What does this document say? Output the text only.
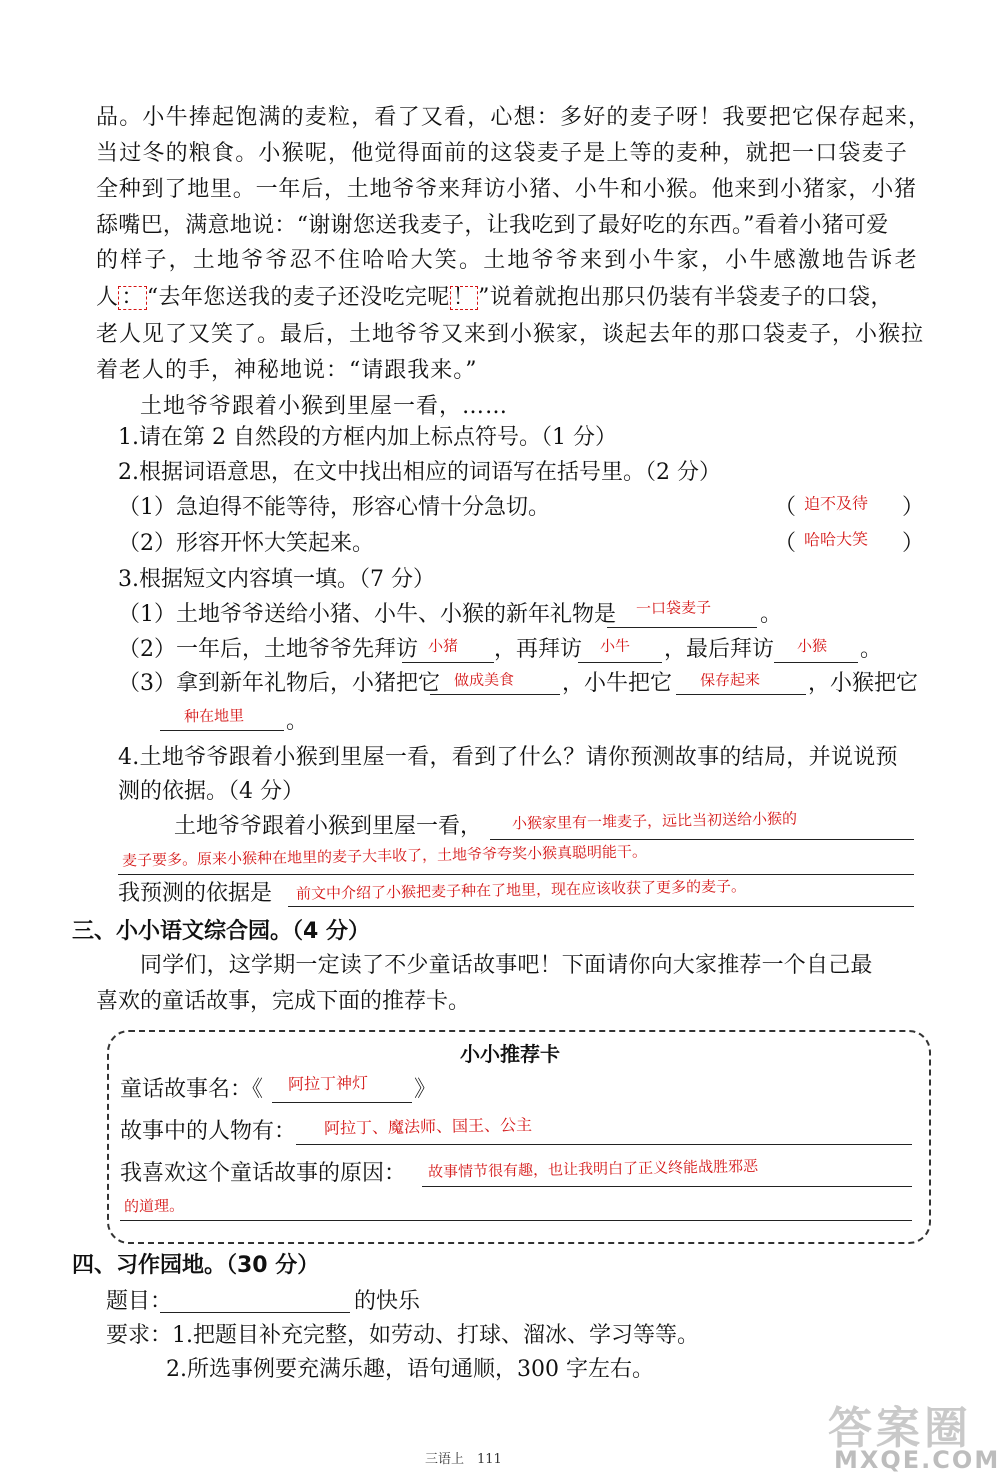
品。小牛捧起饱满的麦粒，看了又看，心想：多好的麦子呀！我要把它保存起来，
当过冬的粮食。小猴呢，他觉得面前的这袋麦子是上等的麦种，就把一口袋麦子
全种到了地里。一年后，土地爷爷来拜访小猪、小牛和小猴。他来到小猪家，小猪
舔嘴巴，满意地说：“谢谢您送我麦子，让我吃到了最好吃的东西。”看着小猪可爱
的样子，土地爷爷忍不住哈哈大笑。土地爷爷来到小牛家，小牛感激地告诉老
人 ： “去年您送我的麦子还没吃完呢 ！ ”说着就抱出那只仍装有半袋麦子的口袋，
老人见了又笑了。最后，土地爷爷又来到小猴家，谈起去年的那口袋麦子，小猴拉
着老人的手，神秘地说：“请跟我来。”
土地爷爷跟着小猴到里屋一看，……
1.请在第 2 自然段的方框内加上标点符号。（1 分）
2.根据词语意思，在文中找出相应的词语写在括号里。（2 分）
（1）急迫得不能等待，形容心情十分急切。	（ 迫不及待 ）
（2）形容开怀大笑起来。	（ 哈哈大笑 ）
3.根据短文内容填一填。（7 分）
（1）土地爷爷送给小猪、小牛、小猴的新年礼物是 一口袋麦子 。
（2）一年后，土地爷爷先拜访 小猪 ，再拜访 小牛 ，最后拜访 小猴 。
（3）拿到新年礼物后，小猪把它 做成美食 ，小牛把它 保存起来 ，小猴把它
种在地里 。
4.土地爷爷跟着小猴到里屋一看，看到了什么？请你预测故事的结局，并说说预
测的依据。（4 分）
土地爷爷跟着小猴到里屋一看， 小猴家里有一堆麦子，远比当初送给小猴的
麦子要多。原来小猴种在地里的麦子大丰收了，土地爷爷夸奖小猴真聪明能干。
我预测的依据是 前文中介绍了小猴把麦子种在了地里，现在应该收获了更多的麦子。
三、小小语文综合园。（4 分）
同学们，这学期一定读了不少童话故事吧！下面请你向大家推荐一个自己最
喜欢的童话故事，完成下面的推荐卡。
小小推荐卡
童话故事名：《 阿拉丁神灯 》
故事中的人物有： 阿拉丁、魔法师、国王、公主
我喜欢这个童话故事的原因： 故事情节很有趣，也让我明白了正义终能战胜邪恶
的道理。
四、习作园地。（30 分）
题目：	的快乐
要求：1.把题目补充完整，如劳动、打球、溜冰、学习等等。
2.所选事例要充满乐趣，语句通顺，300 字左右。
三语上　111
答案圈
MXQE.COM
